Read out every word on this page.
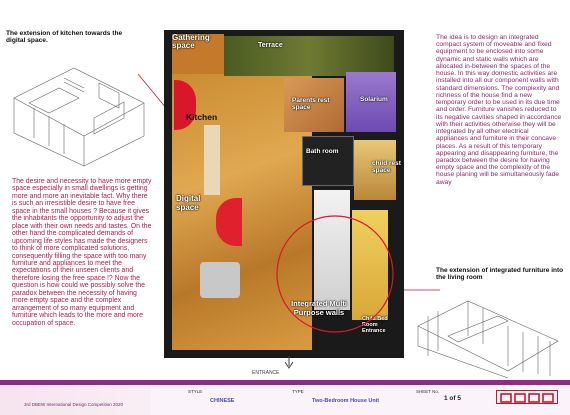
The extension of kitchen towards the digital space.
The desire and necessity to have more empty space especially in small dwellings is getting more and more an inevitable fact. Why there is such an irresistible desire to have free space in the small houses ? Because it gives the inhabitants the opportunity to adjust the place with their own needs and tastes. On the other hand the complicated demands of upcoming life styles has made the designers to think of more complicated solutions, consequently filling the space with too many furniture and appliances to meet the expectations of their unseen clients and therefore losing the free space !? Now the question is how could we possibly solve the paradox between the necessity of having more empty space and the complex arrangement of so many equipment and furniture which leads to the more and more occupation of space.
Gathering space	Terrace
Parents rest space
Solarium
Kitchen
Bath room
child rest space
Digital space
Integrated Multi Purpose walls
Child Bed Room Entrance
ENTRANCE
The idea is to design an integrated compact system of moveable and fixed equipment to be enclosed into some dynamic and static walls which are allocated in-between the spaces of the house. In this way domestic activities are installed into all our component walls with standard dimensions. The complexity and richness of the house find a new temporary order to be used in its due time and order. Furniture vanishes reduced to its negative cavities shaped in accordance with their activities otherwise they will be integrated by all other electrical appliances and furniture in their concave places. As a result of this temporary appearing and disappearing furniture, the paradox between the desire for having empty space and the complexity of the house planing will be simultaneously fade away
The extension of integrated furniture into the living room
3rd DBEW International Design Competition 2020
STYLE
CHINESE
TYPE
Two-Bedroom House Unit
SHEET No.
1 of 5
